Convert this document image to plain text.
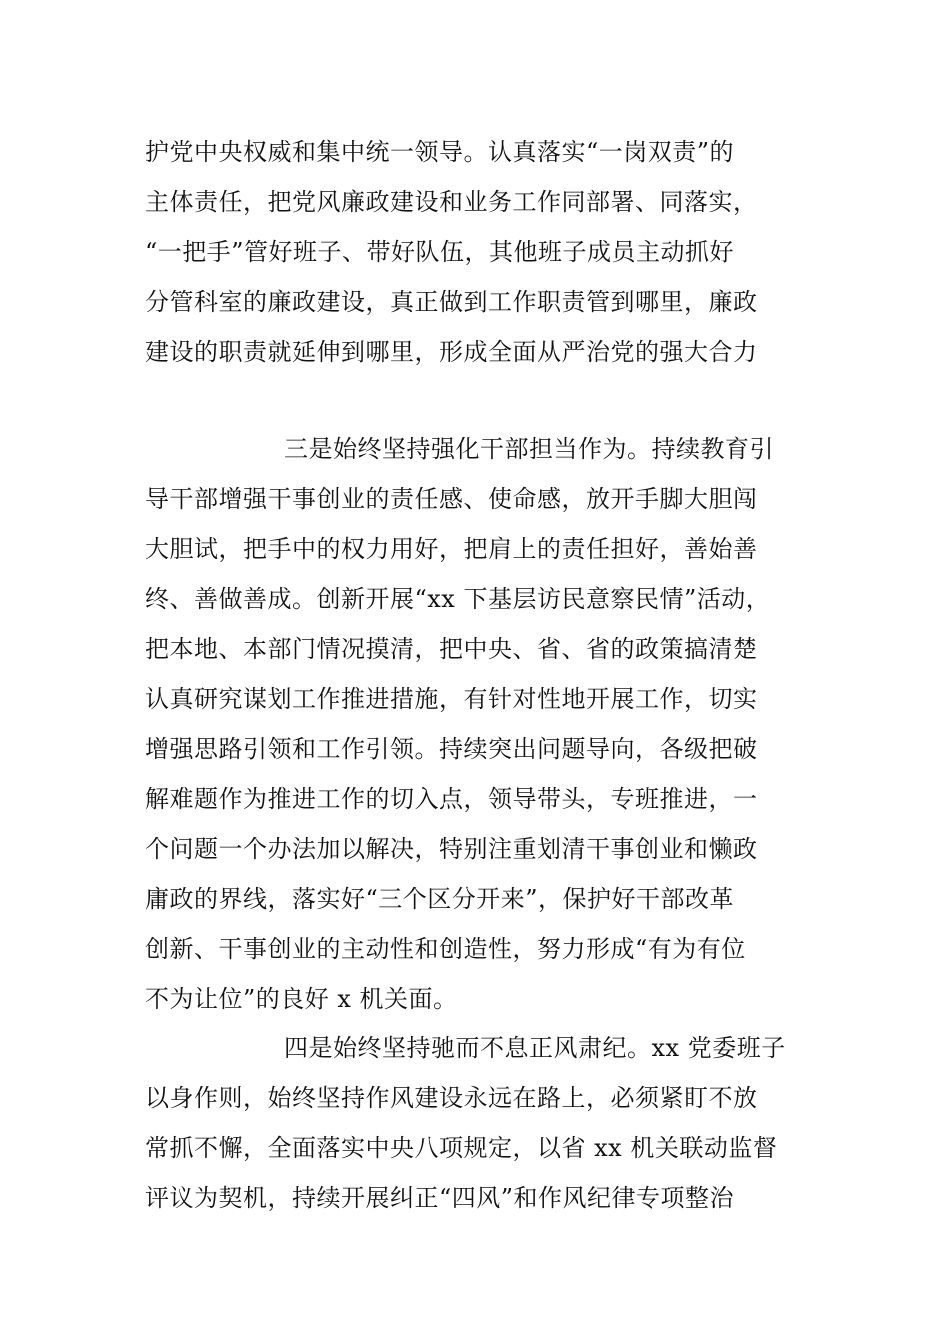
护党中央权威和集中统一领导。认真落实“一岗双责”的
主体责任，把党风廉政建设和业务工作同部署、同落实，
“一把手”管好班子、带好队伍，其他班子成员主动抓好
分管科室的廉政建设，真正做到工作职责管到哪里，廉政
建设的职责就延伸到哪里，形成全面从严治党的强大合力
三是始终坚持强化干部担当作为。持续教育引
导干部增强干事创业的责任感、使命感，放开手脚大胆闯
大胆试，把手中的权力用好，把肩上的责任担好，善始善
终、善做善成。创新开展“xx 下基层访民意察民情”活动，
把本地、本部门情况摸清，把中央、省、省的政策搞清楚
认真研究谋划工作推进措施，有针对性地开展工作，切实
增强思路引领和工作引领。持续突出问题导向，各级把破
解难题作为推进工作的切入点，领导带头，专班推进，一
个问题一个办法加以解决，特别注重划清干事创业和懒政
庸政的界线，落实好“三个区分开来”，保护好干部改革
创新、干事创业的主动性和创造性，努力形成“有为有位
不为让位”的良好 x 机关面。
四是始终坚持驰而不息正风肃纪。xx 党委班子
以身作则，始终坚持作风建设永远在路上，必须紧盯不放
常抓不懈，全面落实中央八项规定，以省 xx 机关联动监督
评议为契机，持续开展纠正“四风”和作风纪律专项整治
